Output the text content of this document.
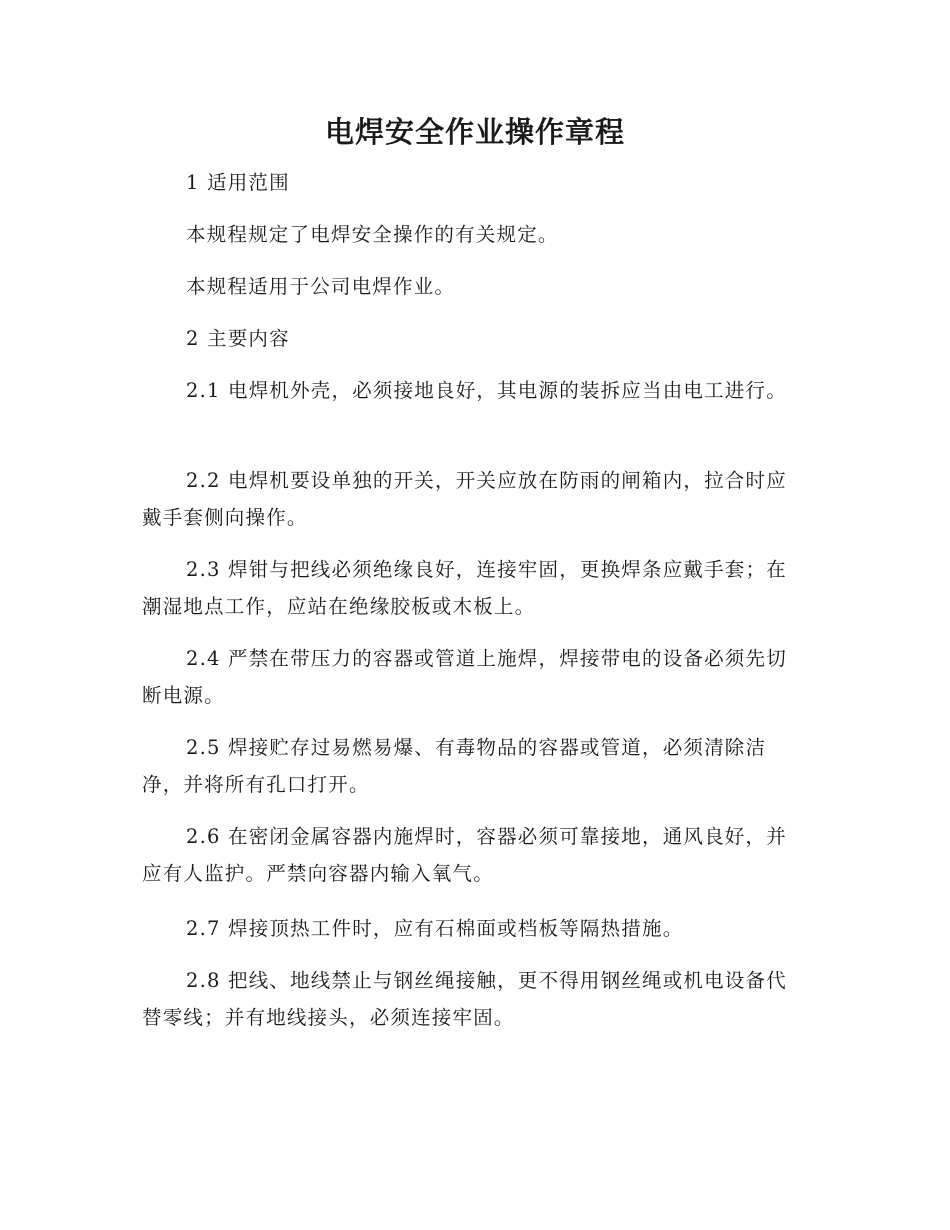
电焊安全作业操作章程

1 适用范围

本规程规定了电焊安全操作的有关规定。

本规程适用于公司电焊作业。

2 主要内容

2.1 电焊机外壳，必须接地良好，其电源的装拆应当由电工进行。

2.2 电焊机要设单独的开关，开关应放在防雨的闸箱内，拉合时应戴手套侧向操作。

2.3 焊钳与把线必须绝缘良好，连接牢固，更换焊条应戴手套；在潮湿地点工作，应站在绝缘胶板或木板上。

2.4 严禁在带压力的容器或管道上施焊，焊接带电的设备必须先切断电源。

2.5 焊接贮存过易燃易爆、有毒物品的容器或管道，必须清除洁净，并将所有孔口打开。

2.6 在密闭金属容器内施焊时，容器必须可靠接地，通风良好，并应有人监护。严禁向容器内输入氧气。

2.7 焊接顶热工件时，应有石棉面或档板等隔热措施。

2.8 把线、地线禁止与钢丝绳接触，更不得用钢丝绳或机电设备代替零线；并有地线接头，必须连接牢固。
